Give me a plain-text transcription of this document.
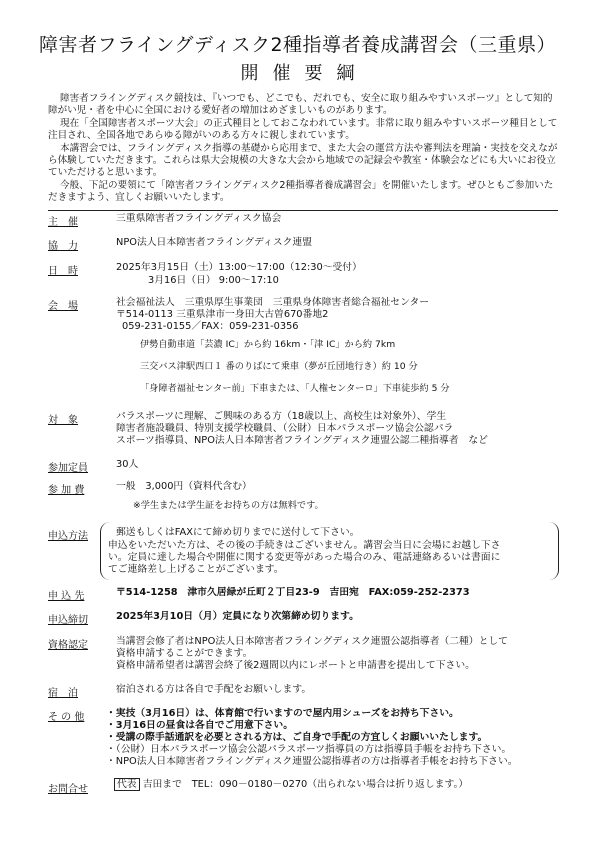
障害者フライングディスク2種指導者養成講習会（三重県）
開催要綱

障害者フライングディスク競技は、『いつでも、どこでも、だれでも、安全に取り組みやすいスポーツ』として知的障がい児・者を中心に全国における愛好者の増加はめざましいものがあります。

現在「全国障害者スポーツ大会」の正式種目としておこなわれています。非常に取り組みやすいスポーツ種目として注目され、全国各地であらゆる障がいのある方々に親しまれています。

本講習会では、フライングディスク指導の基礎から応用まで、また大会の運営方法や審判法を理論・実技を交えながら体験していただきます。これらは県大会規模の大きな大会から地域での記録会や教室・体験会などにも大いにお役立ていただけると思います。

今般、下記の要領にて「障害者フライングディスク2種指導者養成講習会」を開催いたします。ぜひともご参加いただきますよう、宜しくお願いいたします。

主　催	三重県障害者フライングディスク協会
協　力	NPO法人日本障害者フライングディスク連盟
日　時	2025年3月15日（土）13:00～17:00（12:30～受付）
3月16日（日） 9:00～17:10
会　場	社会福祉法人　三重県厚生事業団　三重県身体障害者総合福祉センター
〒514-0113 三重県津市一身田大古曽670番地2
059-231-0155／FAX：059-231-0356
伊勢自動車道「芸濃 IC」から約 16km・「津 IC」から約 7km
三交バス津駅西口１ 番のりばにて乗車（夢が丘団地行き）約 10 分
「身障者福祉センター前」下車または、「人権センターロ」下車徒歩約 5 分
対　象	パラスポーツに理解、ご興味のある方（18歳以上、高校生は対象外）、学生
障害者施設職員、特別支援学校職員、（公財）日本パラスポーツ協会公認パラ
スポーツ指導員、NPO法人日本障害者フライングディスク連盟公認二種指導者　など
参加定員	30人
参 加 費	一般　3,000円（資料代含む）
※学生または学生証をお持ちの方は無料です。
申込方法	郵送もしくはFAXにて締め切りまでに送付して下さい。
申込をいただいた方は、その後の手続きはございません。講習会当日に会場にお越し下さ
い。定員に達した場合や開催に関する変更等があった場合のみ、電話連絡あるいは書面に
てご連絡差し上げることがございます。
申 込 先	〒514-1258　津市久居緑が丘町２丁目23-9　吉田宛　FAX:059-252-2373
申込締切	2025年3月10日（月）定員になり次第締め切ります。
資格認定	当講習会修了者はNPO法人日本障害者フライングディスク連盟公認指導者（二種）として
資格申請することができます。
資格申請希望者は講習会終了後2週間以内にレポートと申請書を提出して下さい。
宿　泊	宿泊される方は各自で手配をお願いします。
そ の 他	・実技（3月16日）は、体育館で行いますので屋内用シューズをお持ち下さい。
・3月16日の昼食は各自でご用意下さい。
・受講の際手話通訳を必要とされる方は、ご自身で手配の方宜しくお願いいたします。
・（公財）日本パラスポーツ協会公認パラスポーツ指導員の方は指導員手帳をお持ち下さい。
・NPO法人日本障害者フライングディスク連盟公認指導者の方は指導者手帳をお持ち下さい。
お問合せ	代表 吉田まで　TEL：090－0180－0270（出られない場合は折り返します。）
